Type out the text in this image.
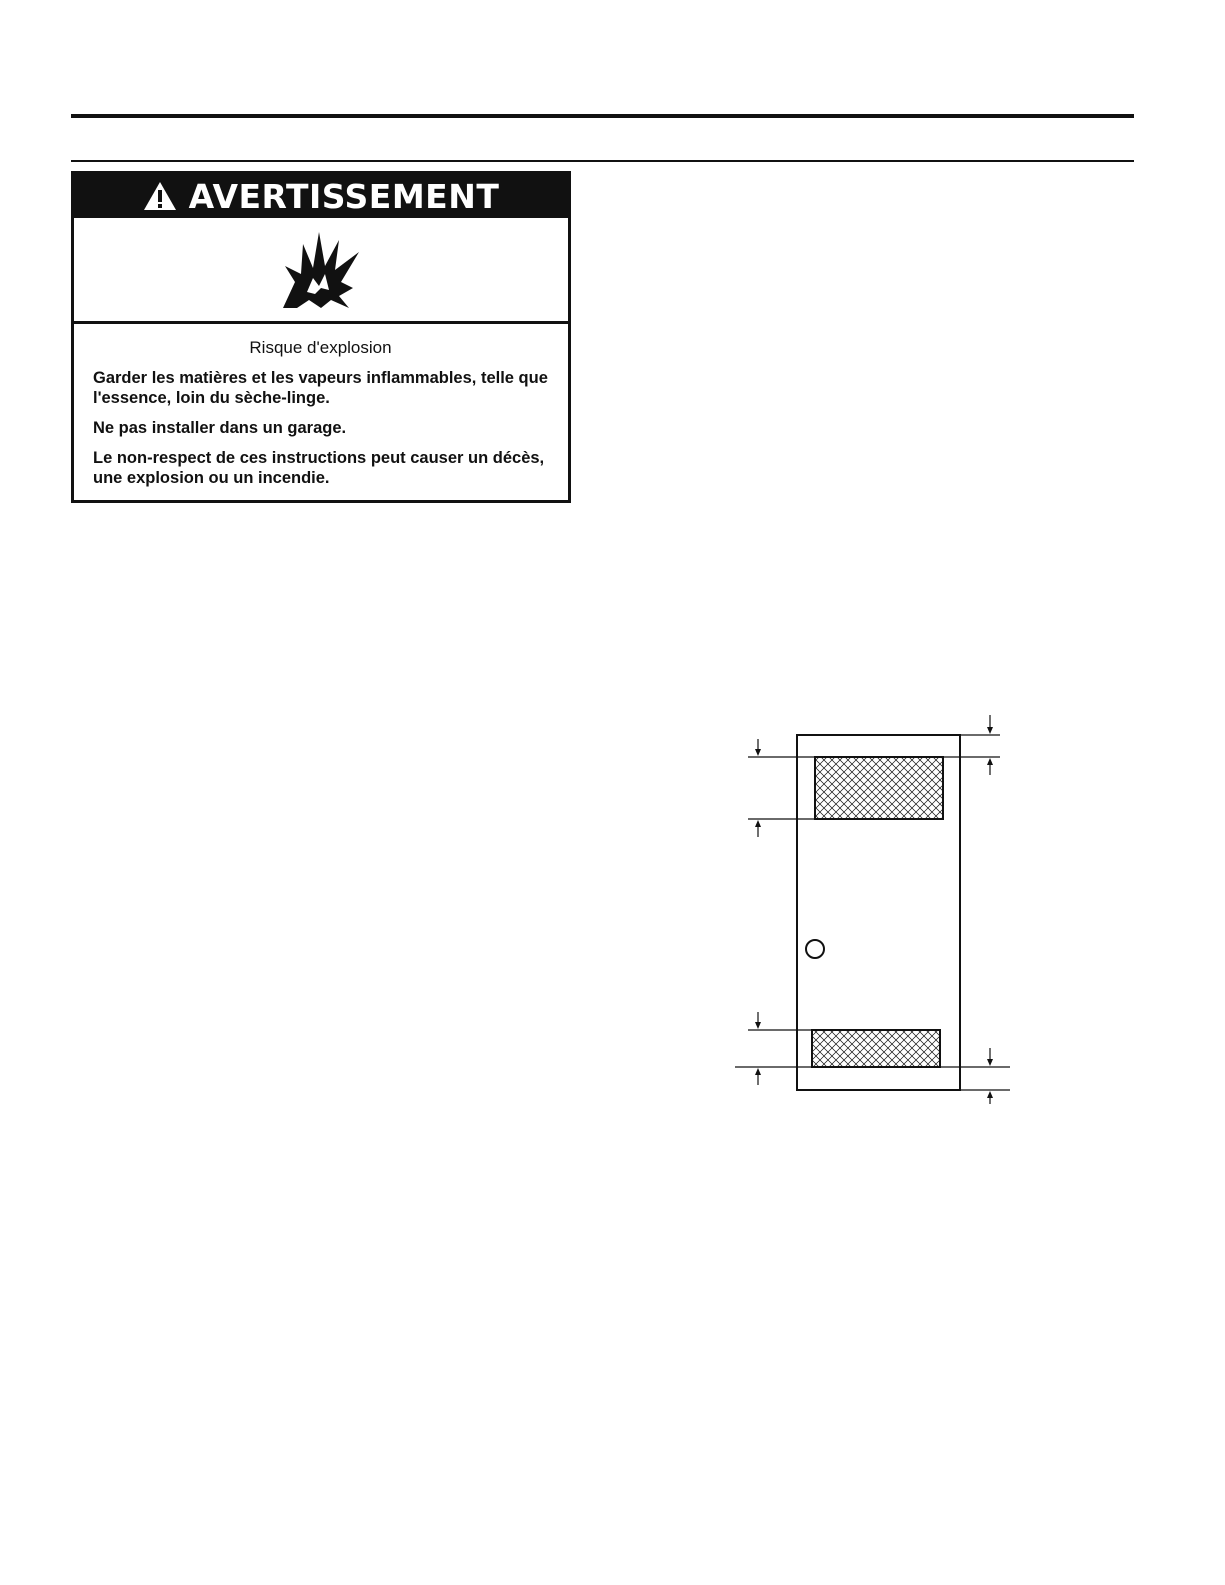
AVERTISSEMENT
Risque d'explosion
Garder les matières et les vapeurs inflammables, telle que l'essence, loin du sèche-linge.
Ne pas installer dans un garage.
Le non-respect de ces instructions peut causer un décès, une explosion ou un incendie.
